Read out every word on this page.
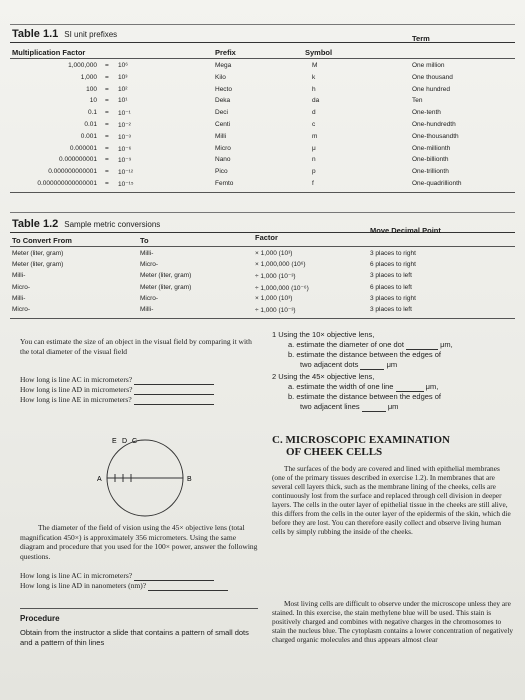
Table 1.1 SI unit prefixes
Multiplication Factor	Prefix	Symbol
Term
1,000,000 = 10⁶	Mega	M	One million
1,000 = 10³	Kilo	k	One thousand
100 = 10²	Hecto	h	One hundred
10 = 10¹	Deka	da	Ten
0.1 = 10⁻¹	Deci	d	One-tenth
0.01 = 10⁻²	Centi	c	One-hundredth
0.001 = 10⁻³	Milli	m	One-thousandth
0.000001 = 10⁻⁶	Micro	μ	One-millionth
0.000000001 = 10⁻⁹	Nano	n	One-billionth
0.000000000001 = 10⁻¹²	Pico	p	One-trillionth
0.000000000000001 = 10⁻¹⁵	Femto	f	One-quadrillionth
Table 1.2 Sample metric conversions
To Convert From	To	Factor
Move Decimal Point
Meter (liter, gram)	Milli-	× 1,000 (10³)	3 places to right
Meter (liter, gram)	Micro-	× 1,000,000 (10⁶)	6 places to right
Milli-	Meter (liter, gram)	÷ 1,000 (10⁻³)	3 places to left
Micro-	Meter (liter, gram)	÷ 1,000,000 (10⁻⁶)	6 places to left
Milli-	Micro-	× 1,000 (10³)	3 places to right
Micro-	Milli-	÷ 1,000 (10⁻³)	3 places to left
You can estimate the size of an object in the visual field by comparing it with the total diameter of the visual field
How long is line AC in micrometers?
How long is line AD in micrometers?
How long is line AE in micrometers?
E D C
A	B
The diameter of the field of vision using the 45× objective lens (total magnification 450×) is approximately 356 micrometers. Using the same diagram and procedure that you used for the 100× power, answer the following questions.
How long is line AC in micrometers?
How long is line AD in nanometers (nm)?
Procedure
Obtain from the instructor a slide that contains a pattern of small dots and a pattern of thin lines
1 Using the 10× objective lens,
a. estimate the diameter of one dot	μm,
b. estimate the distance between the edges of
two adjacent dots	μm
2 Using the 45× objective lens,
a. estimate the width of one line	μm,
b. estimate the distance between the edges of
two adjacent lines	μm
C. MICROSCOPIC EXAMINATION
OF CHEEK CELLS
The surfaces of the body are covered and lined with epithelial membranes (one of the primary tissues described in exercise 1.2). In membranes that are several cell layers thick, such as the membrane lining of the cheeks, cells are continuously lost from the surface and replaced through cell division in deeper layers. The cells in the outer layer of epithelial tissue in the cheeks are still alive, this differs from the cells in the outer layer of the epidermis of the skin, which die before they are lost. You can therefore easily collect and observe living human cells by simply rubbing the inside of the cheeks.
Most living cells are difficult to observe under the microscope unless they are stained. In this exercise, the stain methylene blue will be used. This stain is positively charged and combines with negative charges in the chromosomes to stain the nucleus blue. The cytoplasm contains a lower concentration of negatively charged organic molecules and thus appears almost clear
